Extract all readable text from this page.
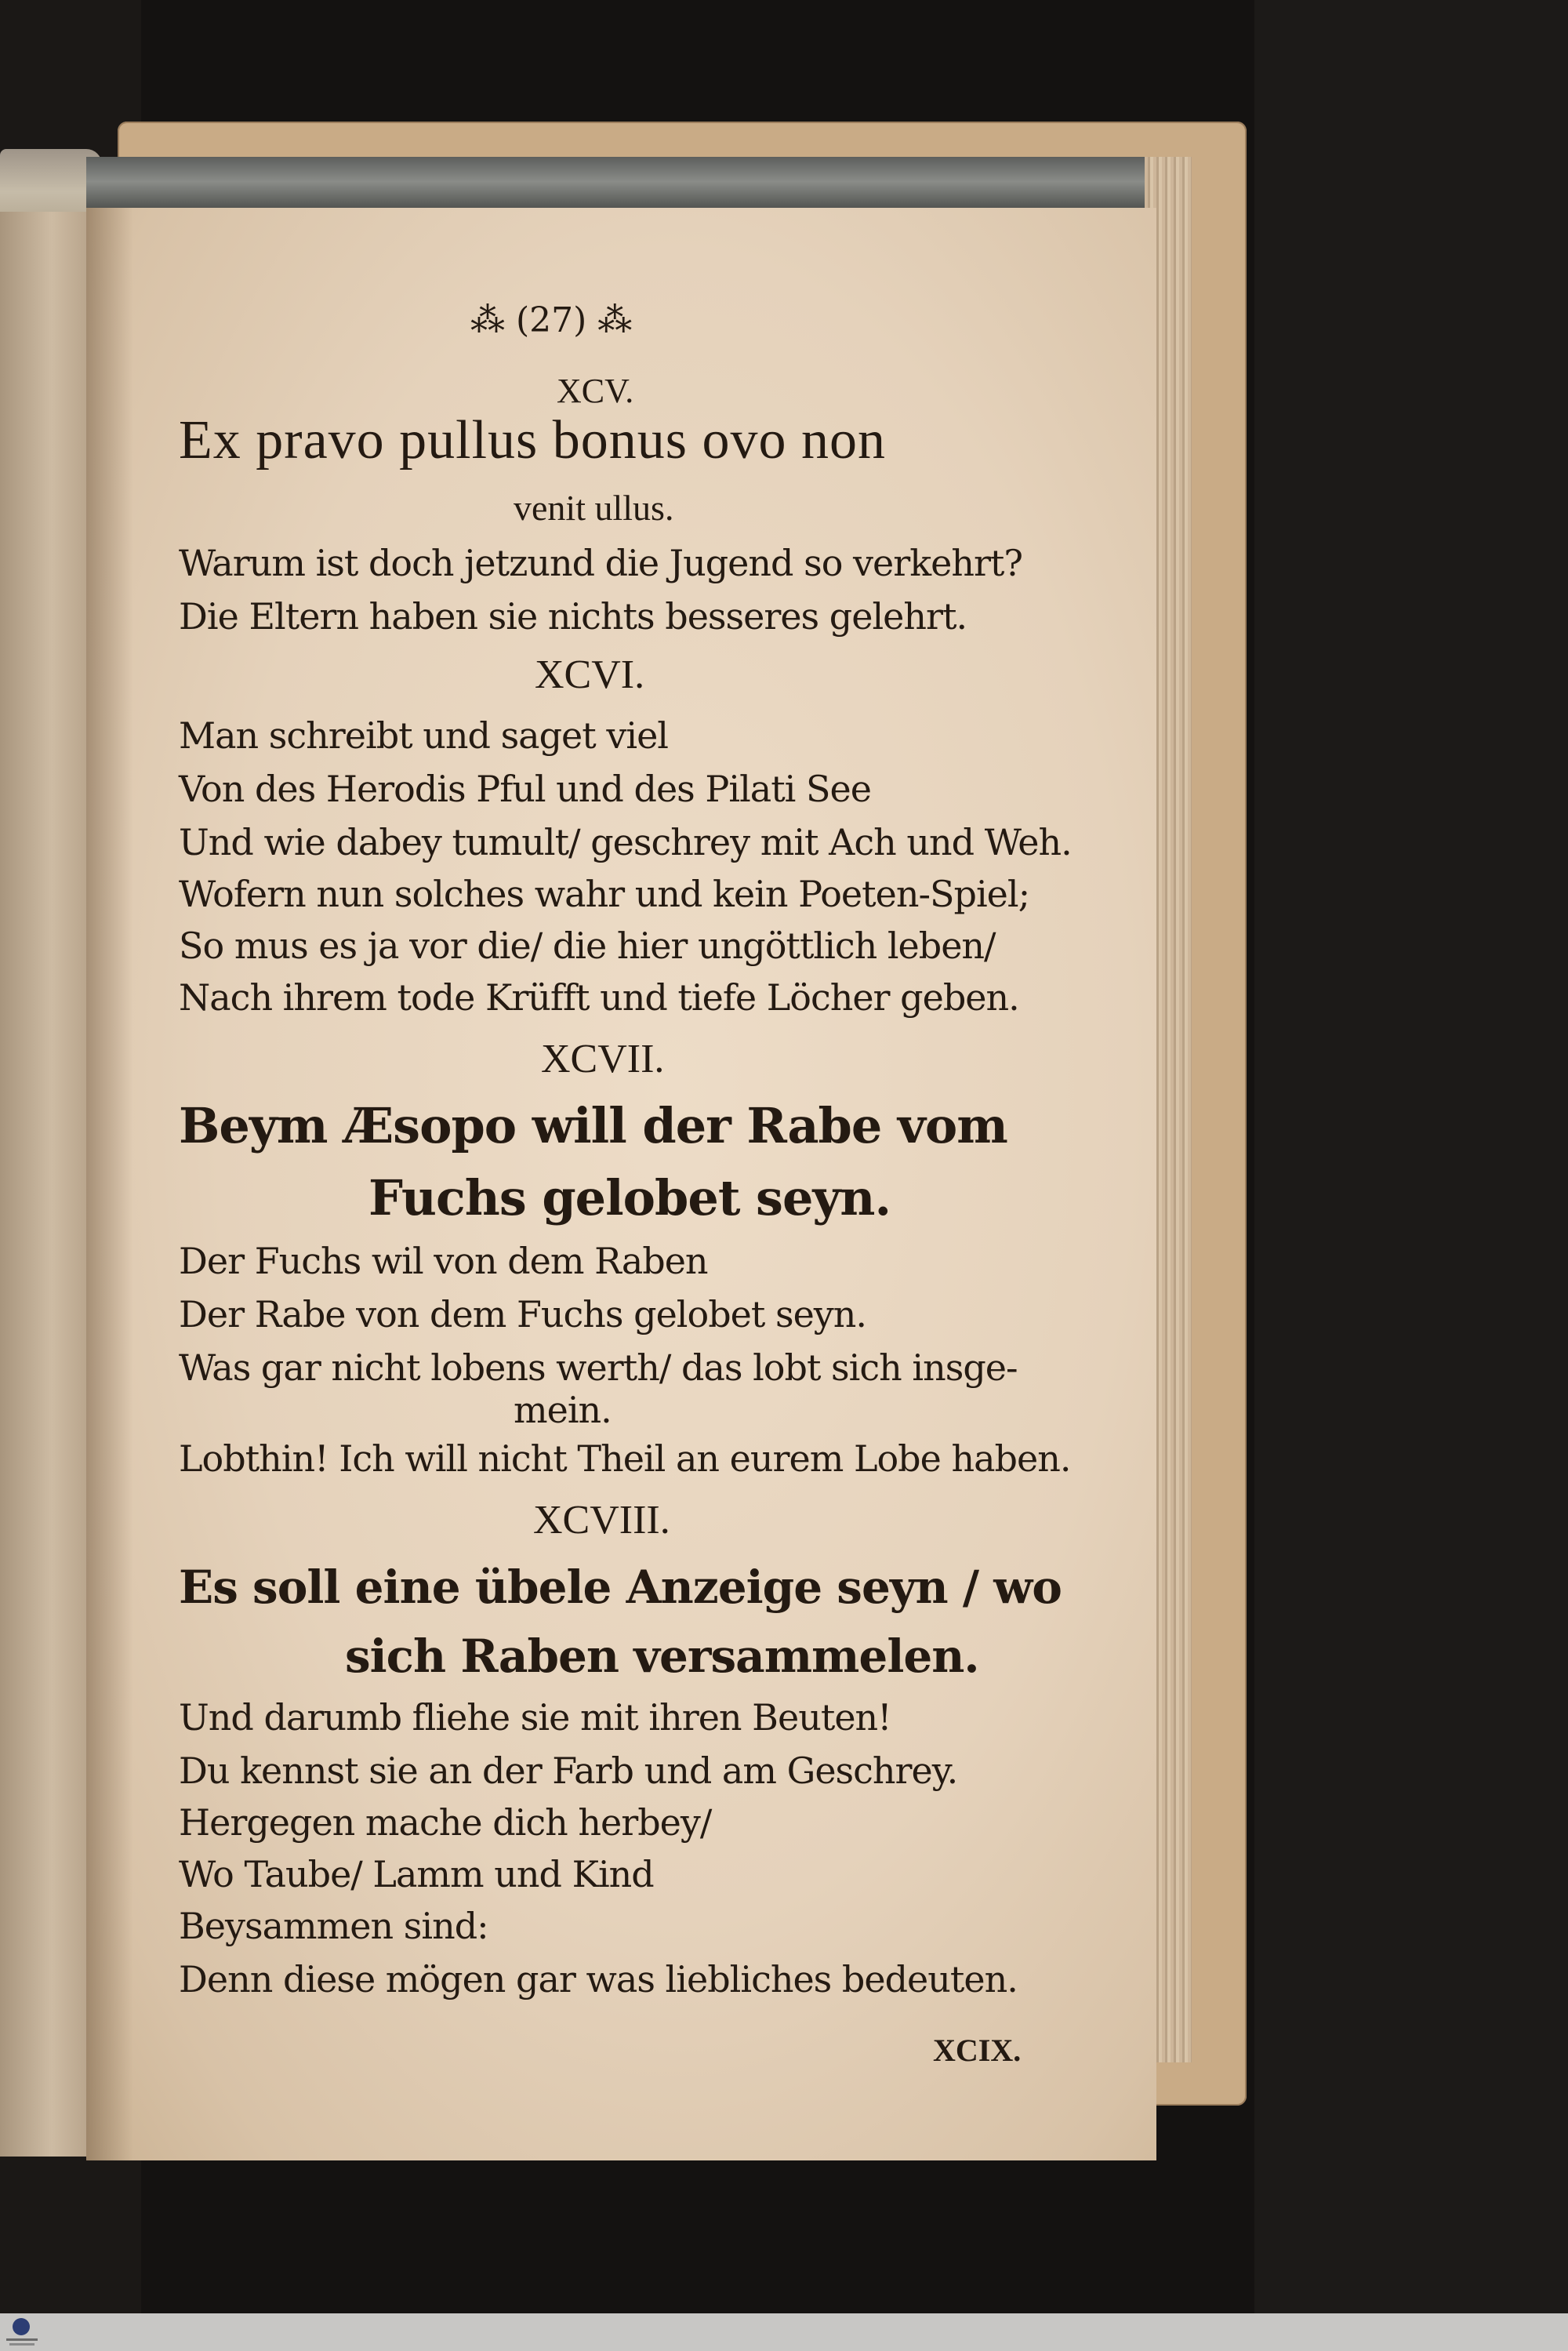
⁂ (27) ⁂
XCV.
Ex pravo pullus bonus ovo non
venit ullus.
Warum ist doch jetzund die Jugend so verkehrt?
Die Eltern haben sie nichts besseres gelehrt.
XCVI.
Man schreibt und saget viel
Von des Herodis Pful und des Pilati See
Und wie dabey tumult/ geschrey mit Ach und Weh.
Wofern nun solches wahr und kein Poeten-Spiel;
So mus es ja vor die/ die hier ungöttlich leben/
Nach ihrem tode Krüfft und tiefe Löcher geben.
XCVII.
Beym Æsopo will der Rabe vom
Fuchs gelobet seyn.
Der Fuchs wil von dem Raben
Der Rabe von dem Fuchs gelobet seyn.
Was gar nicht lobens werth/ das lobt sich insge-
mein.
Lobthin! Ich will nicht Theil an eurem Lobe haben.
XCVIII.
Es soll eine übele Anzeige seyn / wo
sich Raben versammelen.
Und darumb fliehe sie mit ihren Beuten!
Du kennst sie an der Farb und am Geschrey.
Hergegen mache dich herbey/
Wo Taube/ Lamm und Kind
Beysammen sind:
Denn diese mögen gar was liebliches bedeuten.
XCIX.
